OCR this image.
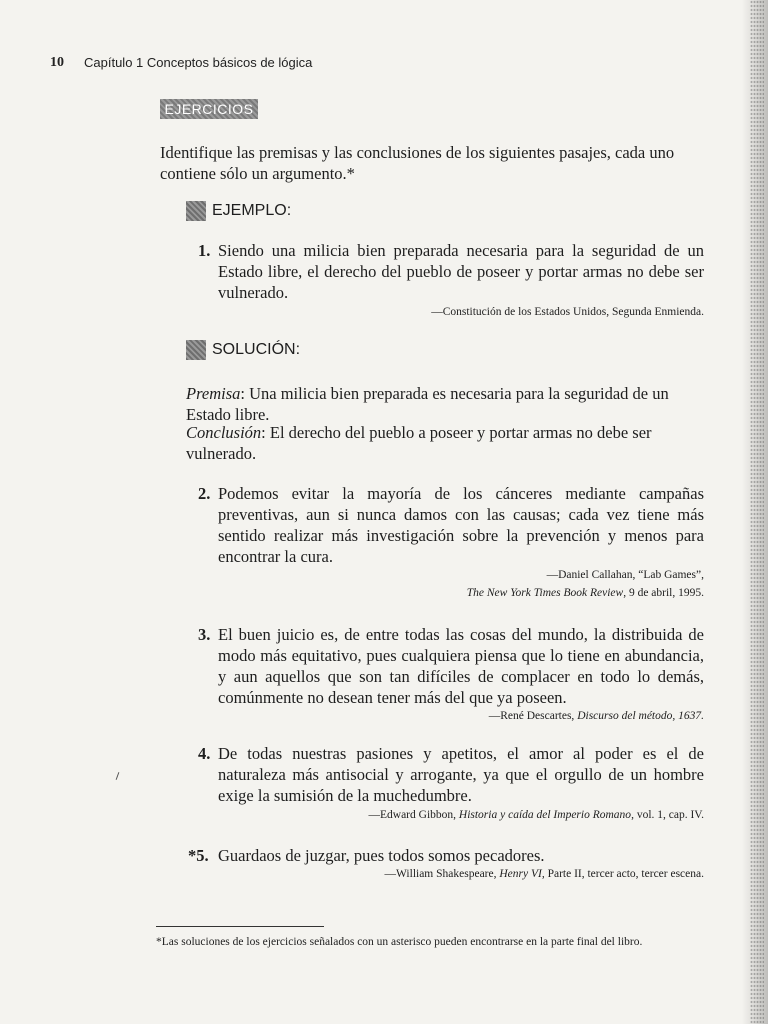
10 Capítulo 1 Conceptos básicos de lógica
EJERCICIOS
Identifique las premisas y las conclusiones de los siguientes pasajes, cada uno contiene sólo un argumento.*
EJEMPLO:
1. Siendo una milicia bien preparada necesaria para la seguridad de un Estado libre, el derecho del pueblo de poseer y portar armas no debe ser vulnerado.
—Constitución de los Estados Unidos, Segunda Enmienda.
SOLUCIÓN:
Premisa: Una milicia bien preparada es necesaria para la seguridad de un Estado libre.
Conclusión: El derecho del pueblo a poseer y portar armas no debe ser vulnerado.
2. Podemos evitar la mayoría de los cánceres mediante campañas preventivas, aun si nunca damos con las causas; cada vez tiene más sentido realizar más investigación sobre la prevención y menos para encontrar la cura.
—Daniel Callahan, “Lab Games”,
The New York Times Book Review, 9 de abril, 1995.
3. El buen juicio es, de entre todas las cosas del mundo, la distribuida de modo más equitativo, pues cualquiera piensa que lo tiene en abundancia, y aun aquellos que son tan difíciles de complacer en todo lo demás, comúnmente no desean tener más del que ya poseen.
—René Descartes, Discurso del método, 1637.
4. De todas nuestras pasiones y apetitos, el amor al poder es el de naturaleza más antisocial y arrogante, ya que el orgullo de un hombre exige la sumisión de la muchedumbre.
—Edward Gibbon, Historia y caída del Imperio Romano, vol. 1, cap. IV.
*5. Guardaos de juzgar, pues todos somos pecadores.
—William Shakespeare, Henry VI, Parte II, tercer acto, tercer escena.
*Las soluciones de los ejercicios señalados con un asterisco pueden encontrarse en la parte final del libro.
